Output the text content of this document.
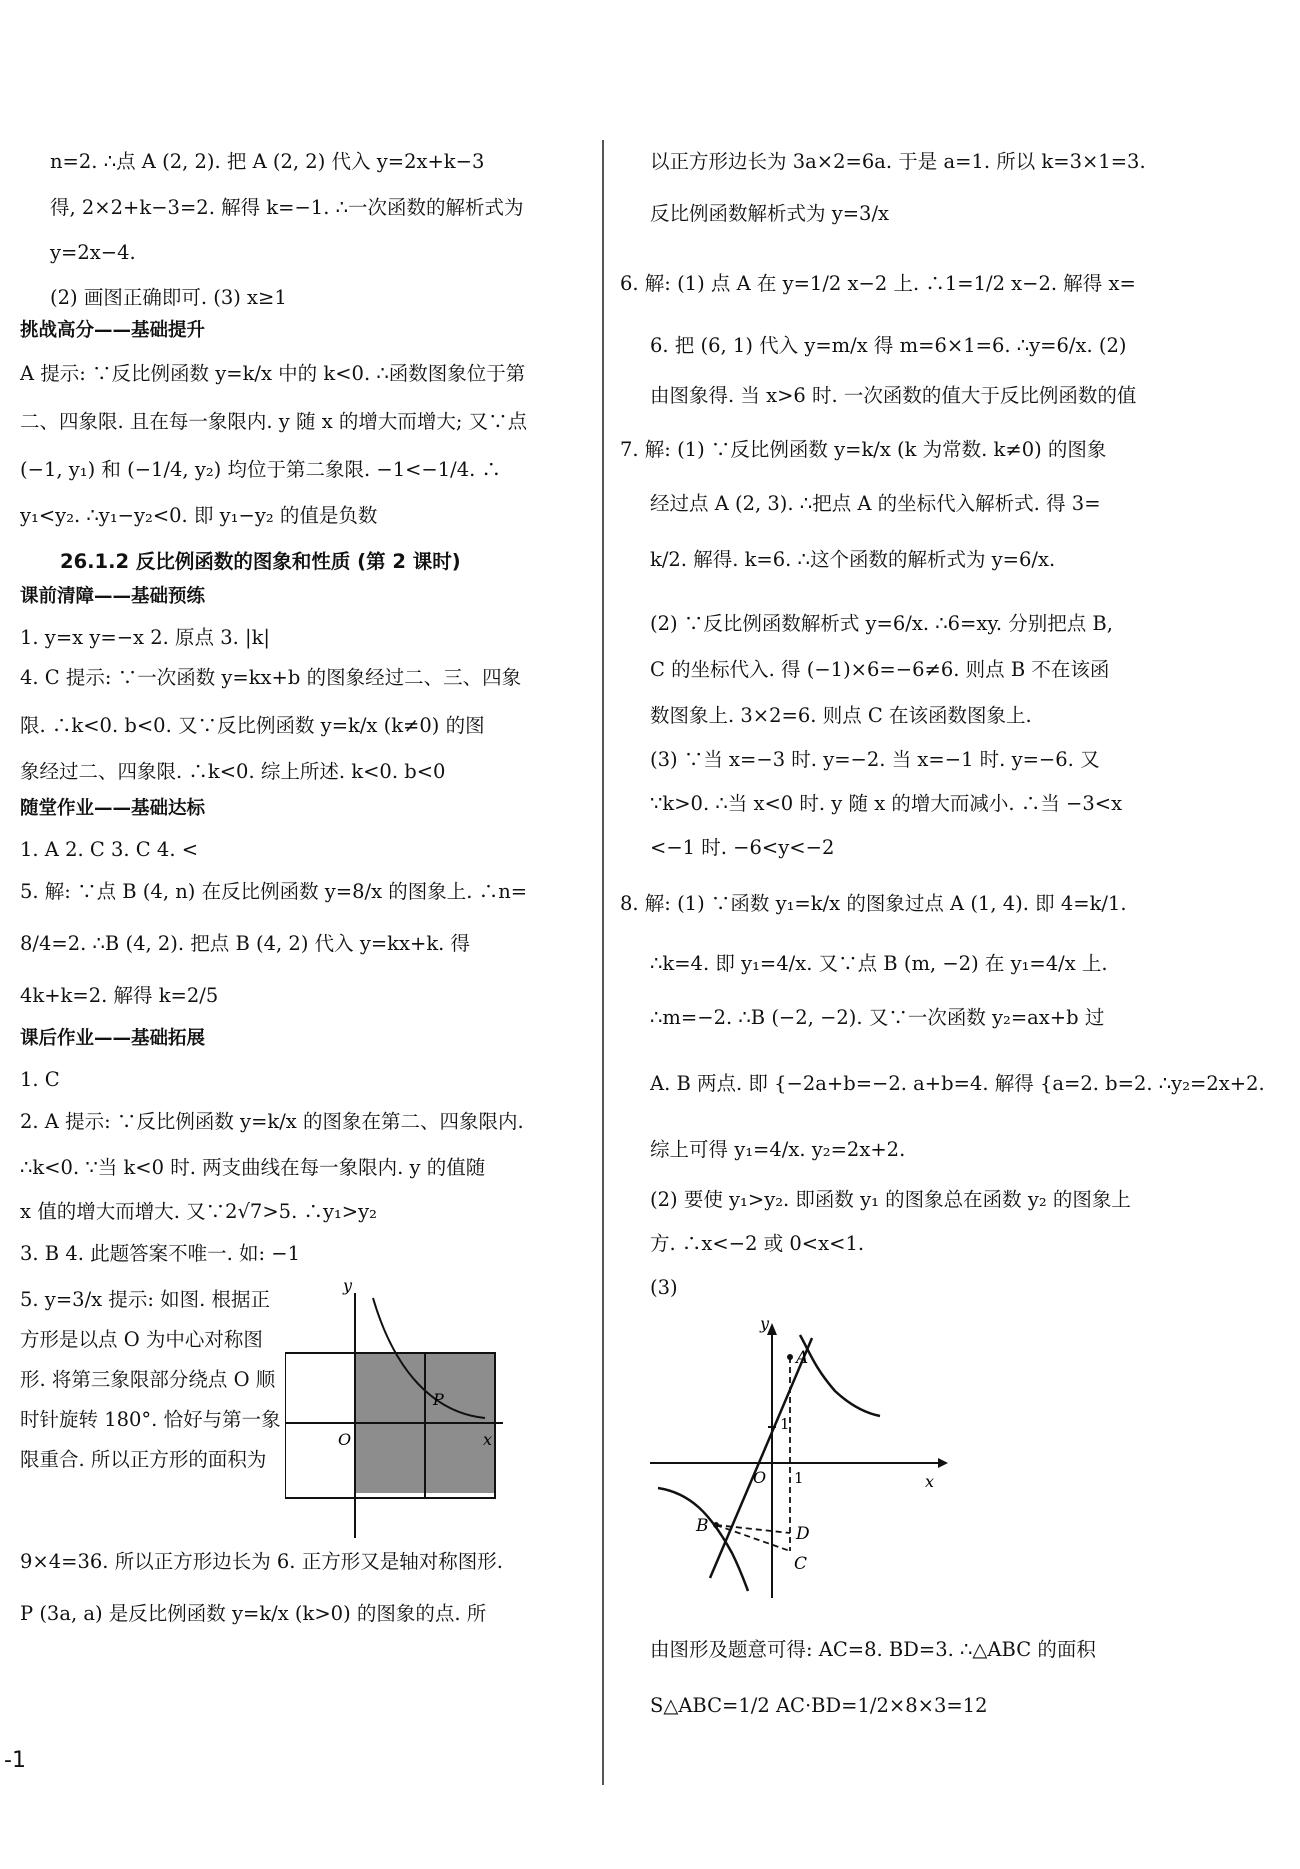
n=2. ∴点 A (2, 2). 把 A (2, 2) 代入 y=2x+k−3
得, 2×2+k−3=2. 解得 k=−1. ∴一次函数的解析式为
y=2x−4.
(2) 画图正确即可. (3) x≥1
挑战高分——基础提升
A 提示: ∵反比例函数 y=k/x 中的 k<0. ∴函数图象位于第
二、四象限. 且在每一象限内. y 随 x 的增大而增大; 又∵点
(−1, y₁) 和 (−1/4, y₂) 均位于第二象限. −1<−1/4. ∴
y₁<y₂. ∴y₁−y₂<0. 即 y₁−y₂ 的值是负数
26.1.2 反比例函数的图象和性质 (第 2 课时)
课前清障——基础预练
1. y=x y=−x 2. 原点 3. |k|
4. C 提示: ∵一次函数 y=kx+b 的图象经过二、三、四象
限. ∴k<0. b<0. 又∵反比例函数 y=k/x (k≠0) 的图
象经过二、四象限. ∴k<0. 综上所述. k<0. b<0
随堂作业——基础达标
1. A 2. C 3. C 4. <
5. 解: ∵点 B (4, n) 在反比例函数 y=8/x 的图象上. ∴n=
8/4=2. ∴B (4, 2). 把点 B (4, 2) 代入 y=kx+k. 得
4k+k=2. 解得 k=2/5
课后作业——基础拓展
1. C
2. A 提示: ∵反比例函数 y=k/x 的图象在第二、四象限内.
∴k<0. ∵当 k<0 时. 两支曲线在每一象限内. y 的值随
x 值的增大而增大. 又∵2√7>5. ∴y₁>y₂
3. B 4. 此题答案不唯一. 如: −1
5. y=3/x 提示: 如图. 根据正方形是以点 O 为中心对称图形. 将第三象限部分绕点 O 顺时针旋转 180°. 恰好与第一象限重合. 所以正方形的面积为
y
x
O
P
9×4=36. 所以正方形边长为 6. 正方形又是轴对称图形.
P (3a, a) 是反比例函数 y=k/x (k>0) 的图象的点. 所
以正方形边长为 3a×2=6a. 于是 a=1. 所以 k=3×1=3.
反比例函数解析式为 y=3/x
6. 解: (1) 点 A 在 y=1/2 x−2 上. ∴1=1/2 x−2. 解得 x=
6. 把 (6, 1) 代入 y=m/x 得 m=6×1=6. ∴y=6/x. (2)
由图象得. 当 x>6 时. 一次函数的值大于反比例函数的值
7. 解: (1) ∵反比例函数 y=k/x (k 为常数. k≠0) 的图象
经过点 A (2, 3). ∴把点 A 的坐标代入解析式. 得 3=
k/2. 解得. k=6. ∴这个函数的解析式为 y=6/x.
(2) ∵反比例函数解析式 y=6/x. ∴6=xy. 分别把点 B,
C 的坐标代入. 得 (−1)×6=−6≠6. 则点 B 不在该函
数图象上. 3×2=6. 则点 C 在该函数图象上.
(3) ∵当 x=−3 时. y=−2. 当 x=−1 时. y=−6. 又
∵k>0. ∴当 x<0 时. y 随 x 的增大而减小. ∴当 −3<x
<−1 时. −6<y<−2
8. 解: (1) ∵函数 y₁=k/x 的图象过点 A (1, 4). 即 4=k/1.
∴k=4. 即 y₁=4/x. 又∵点 B (m, −2) 在 y₁=4/x 上.
∴m=−2. ∴B (−2, −2). 又∵一次函数 y₂=ax+b 过
A. B 两点. 即 {−2a+b=−2. a+b=4. 解得 {a=2. b=2. ∴y₂=2x+2.
综上可得 y₁=4/x. y₂=2x+2.
(2) 要使 y₁>y₂. 即函数 y₁ 的图象总在函数 y₂ 的图象上
方. ∴x<−2 或 0<x<1.
(3)
y
x
O
A
B
C
D
1
1
由图形及题意可得: AC=8. BD=3. ∴△ABC 的面积
S△ABC=1/2 AC·BD=1/2×8×3=12
-1
